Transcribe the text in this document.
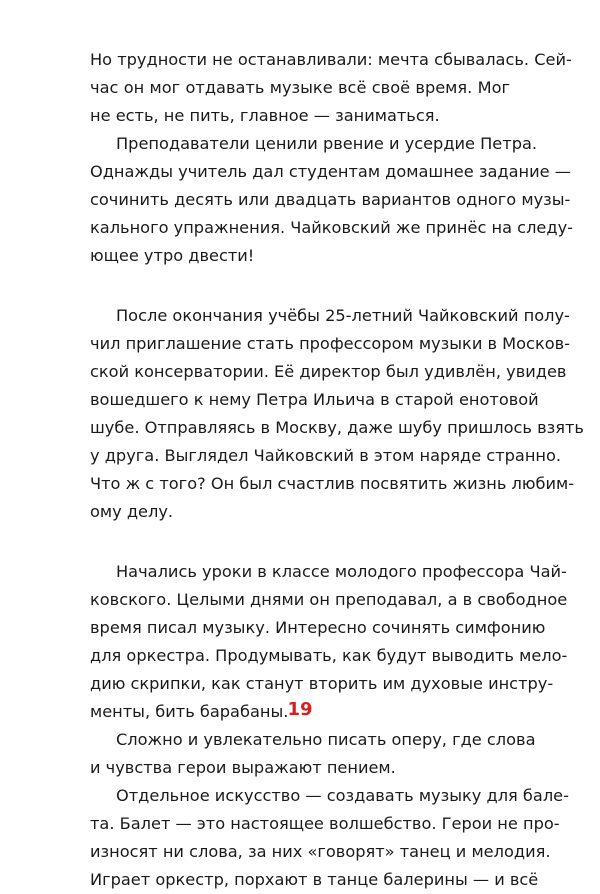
Но трудности не останавливали: мечта сбывалась. Сей-
час он мог отдавать музыке всё своё время. Мог
не есть, не пить, главное — заниматься.
Преподаватели ценили рвение и усердие Петра.
Однажды учитель дал студентам домашнее задание —
сочинить десять или двадцать вариантов одного музы-
кального упражнения. Чайковский же принёс на следу-
ющее утро двести!
После окончания учёбы 25-летний Чайковский полу-
чил приглашение стать профессором музыки в Москов-
ской консерватории. Её директор был удивлён, увидев
вошедшего к нему Петра Ильича в старой енотовой
шубе. Отправляясь в Москву, даже шубу пришлось взять
у друга. Выглядел Чайковский в этом наряде странно.
Что ж с того? Он был счастлив посвятить жизнь любим-
ому делу.
Начались уроки в классе молодого профессора Чай-
ковского. Целыми днями он преподавал, а в свободное
время писал музыку. Интересно сочинять симфонию
для оркестра. Продумывать, как будут выводить мело-
дию скрипки, как станут вторить им духовые инстру-
менты, бить барабаны.
Сложно и увлекательно писать оперу, где слова
и чувства герои выражают пением.
Отдельное искусство — создавать музыку для бале-
та. Балет — это настоящее волшебство. Герои не про-
износят ни слова, за них «говорят» танец и мелодия.
Играет оркестр, порхают в танце балерины — и всё
19
